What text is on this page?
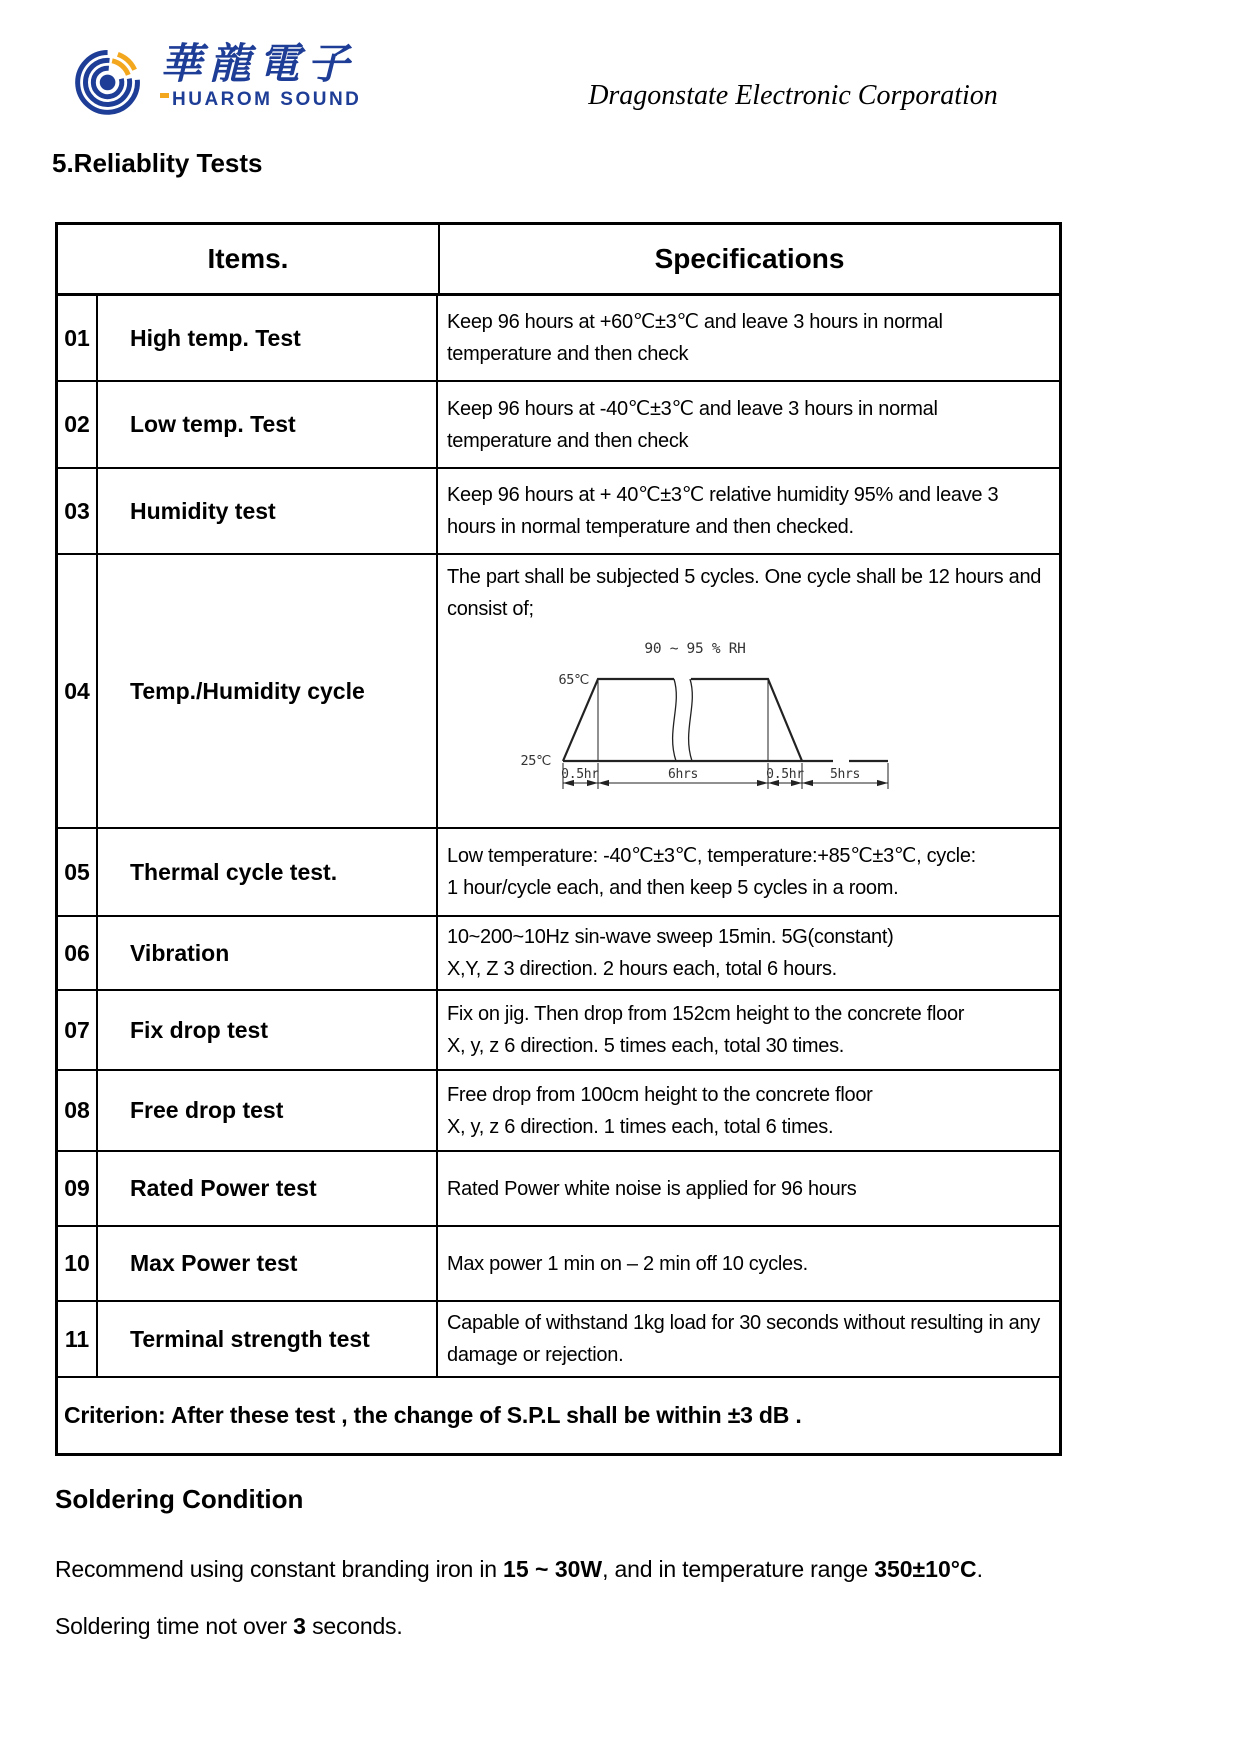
華龍電子
HUAROM SOUND	Dragonstate Electronic Corporation
5.Reliablity Tests
Items.	Specifications
01	High temp. Test
Keep 96 hours at +60℃±3℃ and leave 3 hours in normal
temperature and then check
02	Low temp. Test
Keep 96 hours at -40℃±3℃ and leave 3 hours in normal
temperature and then check
03	Humidity test
Keep 96 hours at + 40℃±3℃ relative humidity 95% and leave 3
hours in normal temperature and then checked.
04	Temp./Humidity cycle
The part shall be subjected 5 cycles. One cycle shall be 12 hours and
consist of;
90 ~ 95 % RH
65℃
25℃
0.5hr	6hrs	0.5hr 5hrs
05	Thermal cycle test.
Low temperature: -40℃±3℃, temperature:+85℃±3℃, cycle:
1 hour/cycle each, and then keep 5 cycles in a room.
06	Vibration
10~200~10Hz sin-wave sweep 15min. 5G(constant)
X,Y, Z 3 direction. 2 hours each, total 6 hours.
07	Fix drop test
Fix on jig. Then drop from 152cm height to the concrete floor
X, y, z 6 direction. 5 times each, total 30 times.
08	Free drop test
Free drop from 100cm height to the concrete floor
X, y, z 6 direction. 1 times each, total 6 times.
09	Rated Power test	Rated Power white noise is applied for 96 hours
10	Max Power test	Max power 1 min on – 2 min off 10 cycles.
11	Terminal strength test
Capable of withstand 1kg load for 30 seconds without resulting in any
damage or rejection.
Criterion: After these test , the change of S.P.L shall be within ±3 dB .
Soldering Condition
Recommend using constant branding iron in 15 ~ 30W, and in temperature range 350±10°C.
Soldering time not over 3 seconds.
